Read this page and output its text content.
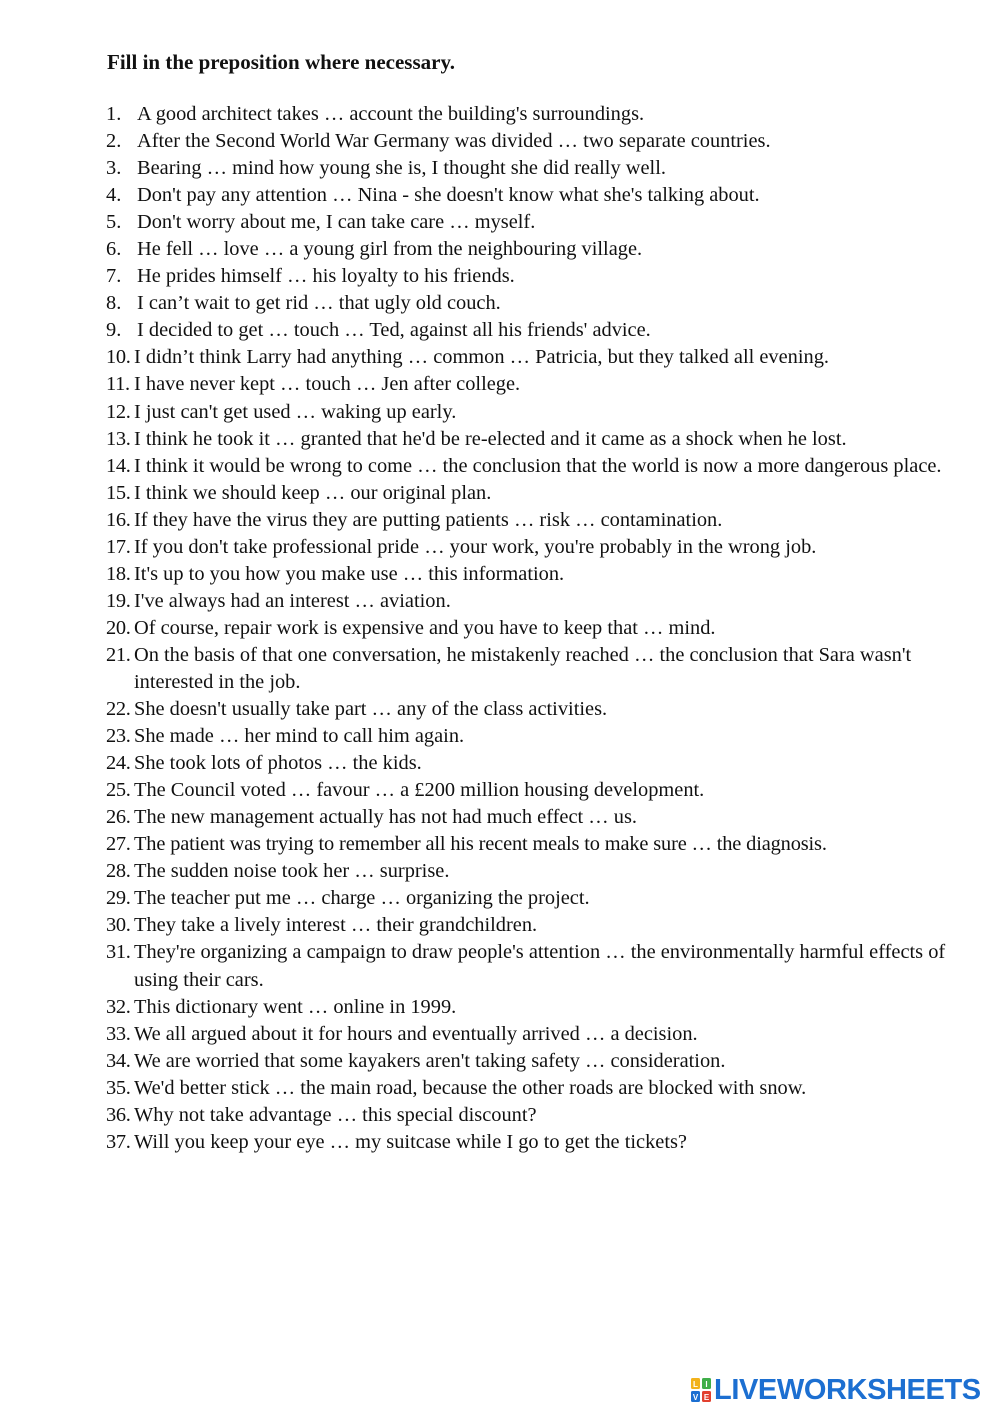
Fill in the preposition where necessary.
1. A good architect takes … account the building's surroundings.
2. After the Second World War Germany was divided … two separate countries.
3. Bearing … mind how young she is, I thought she did really well.
4. Don't pay any attention … Nina - she doesn't know what she's talking about.
5. Don't worry about me, I can take care … myself.
6. He fell … love … a young girl from the neighbouring village.
7. He prides himself … his loyalty to his friends.
8. I can’t wait to get rid … that ugly old couch.
9. I decided to get … touch … Ted, against all his friends' advice.
10. I didn’t think Larry had anything … common … Patricia, but they talked all evening.
11. I have never kept … touch … Jen after college.
12. I just can't get used … waking up early.
13. I think he took it … granted that he'd be re-elected and it came as a shock when he lost.
14. I think it would be wrong to come … the conclusion that the world is now a more dangerous place.
15. I think we should keep … our original plan.
16. If they have the virus they are putting patients … risk … contamination.
17. If you don't take professional pride … your work, you're probably in the wrong job.
18. It's up to you how you make use … this information.
19. I've always had an interest … aviation.
20. Of course, repair work is expensive and you have to keep that … mind.
21. On the basis of that one conversation, he mistakenly reached … the conclusion that Sara wasn't interested in the job.
22. She doesn't usually take part … any of the class activities.
23. She made … her mind to call him again.
24. She took lots of photos … the kids.
25. The Council voted … favour … a £200 million housing development.
26. The new management actually has not had much effect … us.
27. The patient was trying to remember all his recent meals to make sure … the diagnosis.
28. The sudden noise took her … surprise.
29. The teacher put me … charge … organizing the project.
30. They take a lively interest … their grandchildren.
31. They're organizing a campaign to draw people's attention … the environmentally harmful effects of using their cars.
32. This dictionary went … online in 1999.
33. We all argued about it for hours and eventually arrived … a decision.
34. We are worried that some kayakers aren't taking safety … consideration.
35. We'd better stick … the main road, because the other roads are blocked with snow.
36. Why not take advantage … this special discount?
37. Will you keep your eye … my suitcase while I go to get the tickets?
L I
V E LIVEWORKSHEETS
